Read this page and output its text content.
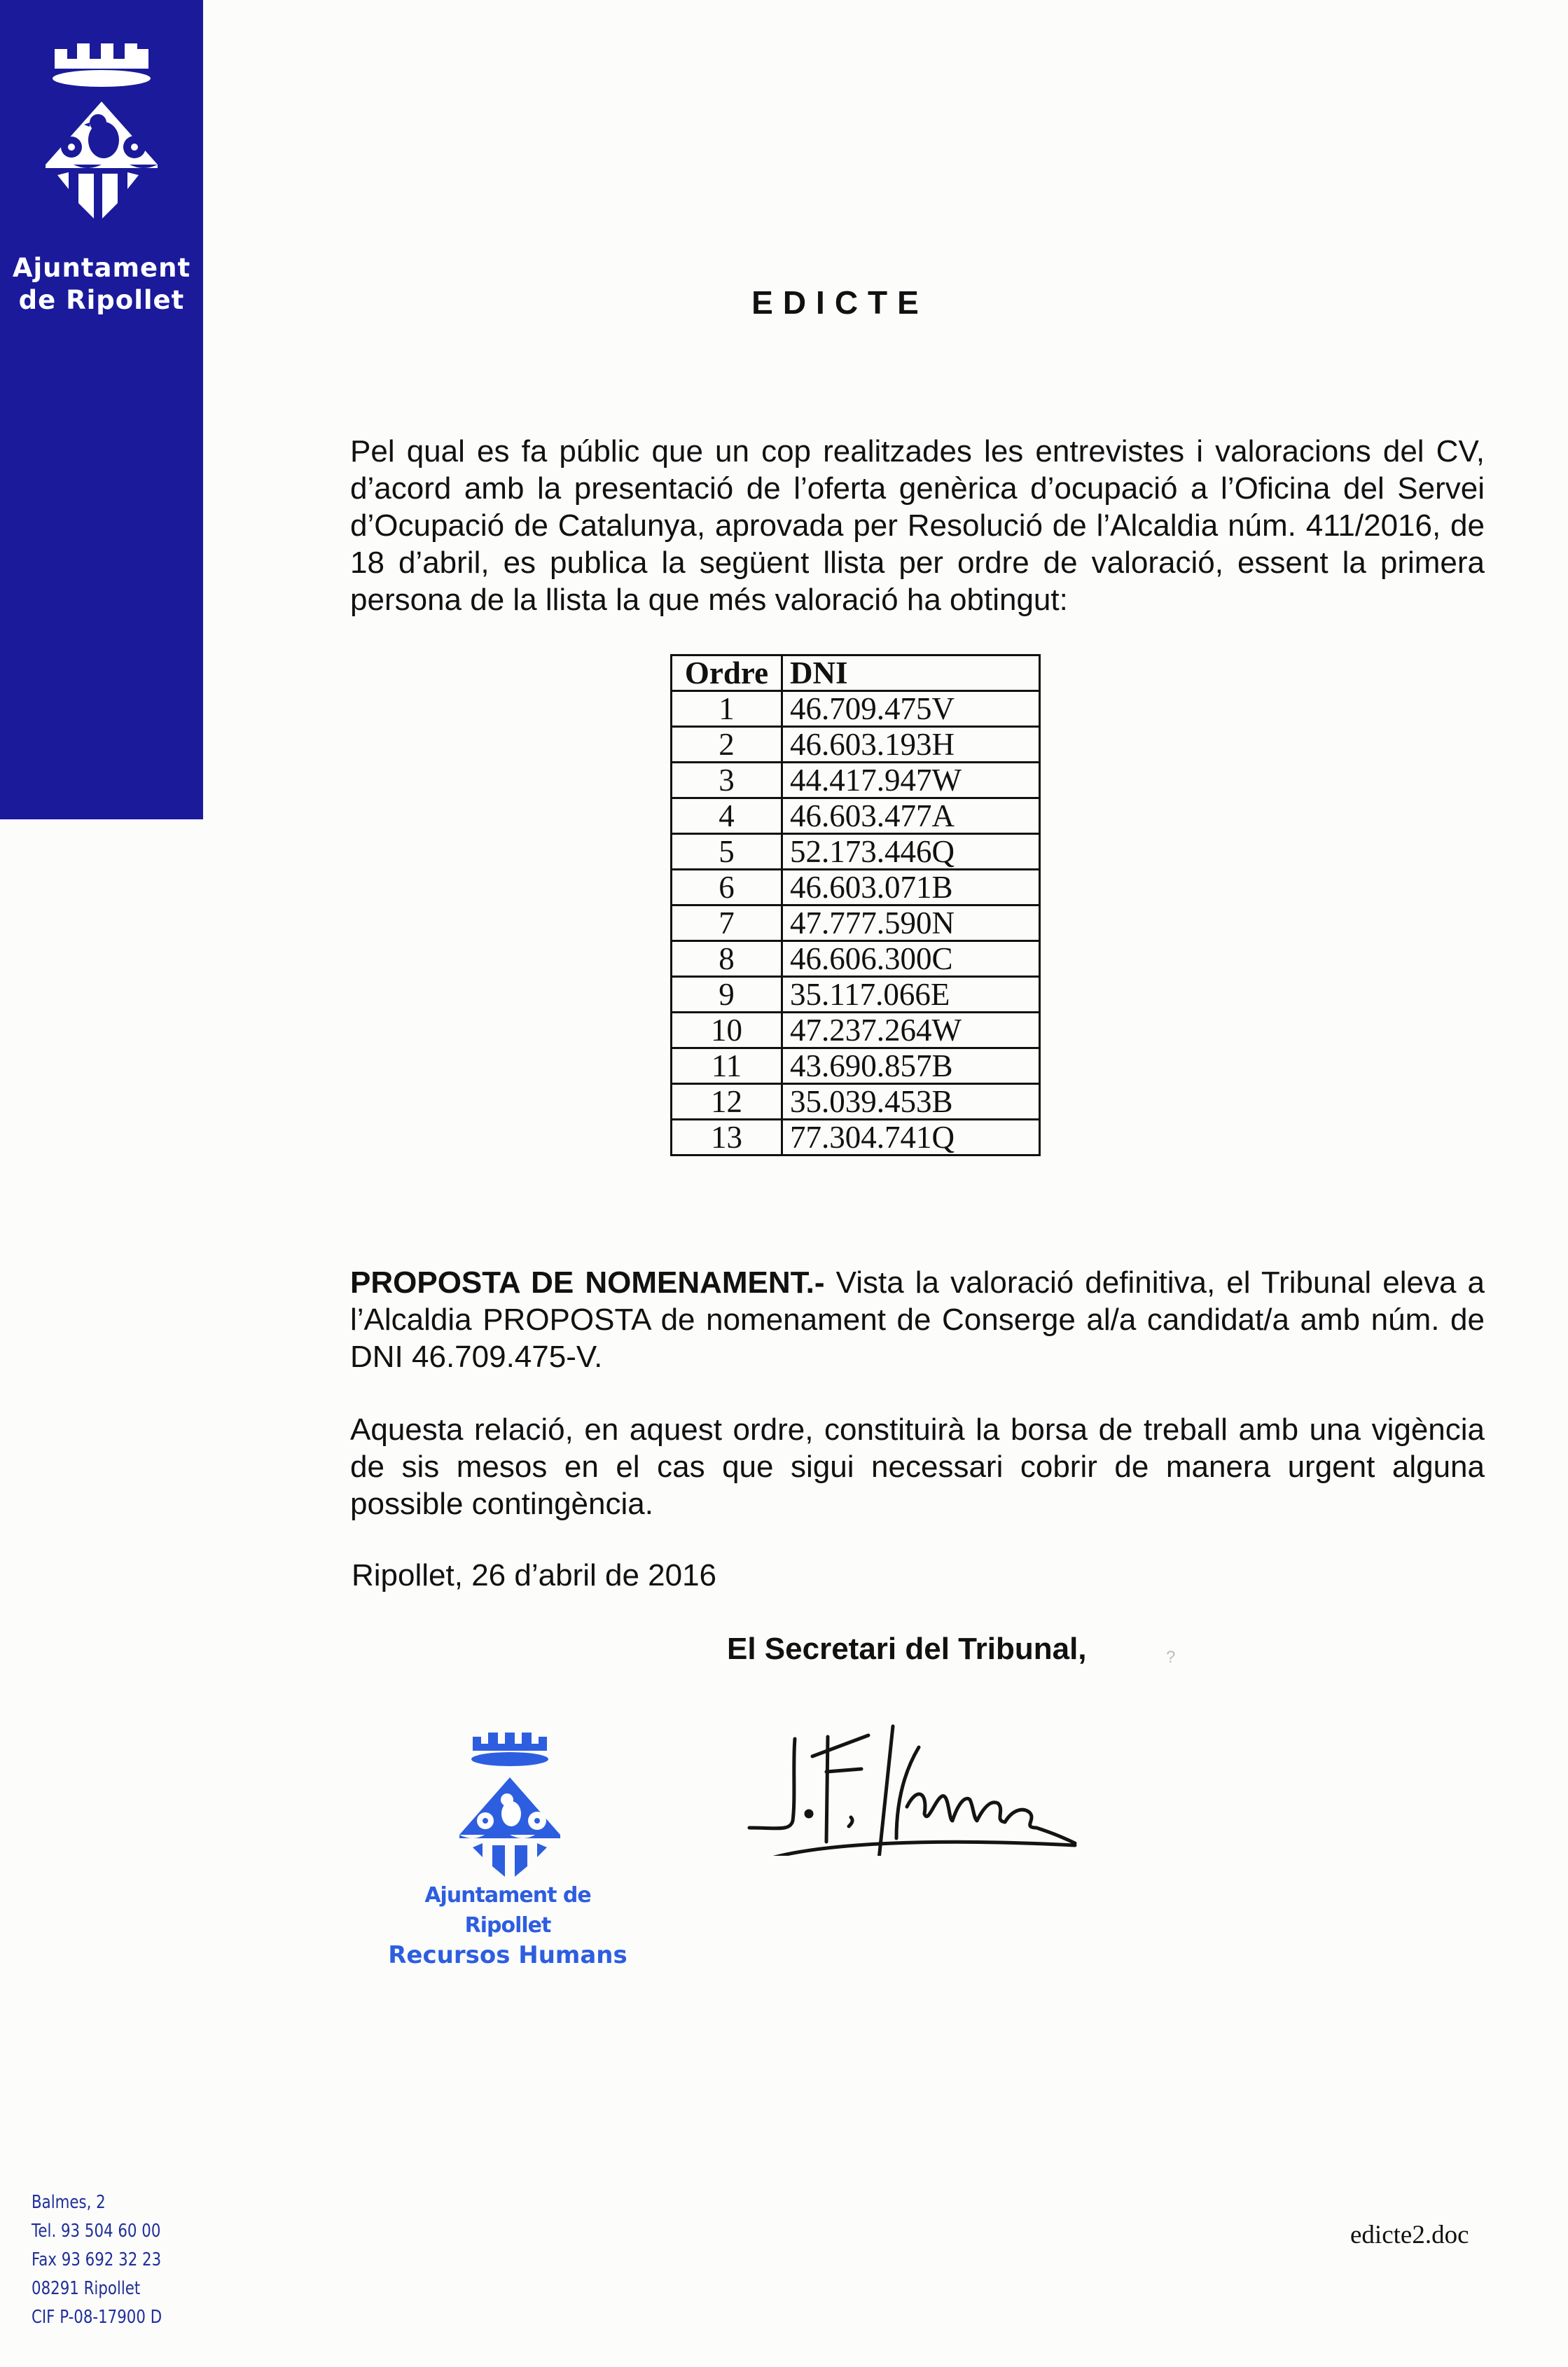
Ajuntament
de Ripollet	EDICTE
Pel qual es fa públic que un cop realitzades les entrevistes i valoracions del CV, d’acord amb la presentació de l’oferta genèrica d’ocupació a l’Oficina del Servei d’Ocupació de Catalunya, aprovada per Resolució de l’Alcaldia núm. 411/2016, de 18 d’abril, es publica la següent llista per ordre de valoració, essent la primera persona de la llista la que més valoració ha obtingut:
Ordre	DNI
1	46.709.475V
2	46.603.193H
3	44.417.947W
4	46.603.477A
5	52.173.446Q
6	46.603.071B
7	47.777.590N
8	46.606.300C
9	35.117.066E
10	47.237.264W
11	43.690.857B
12	35.039.453B
13	77.304.741Q
PROPOSTA DE NOMENAMENT.- Vista la valoració definitiva, el Tribunal eleva a l’Alcaldia PROPOSTA de nomenament de Conserge al/a candidat/a amb núm. de DNI 46.709.475-V.
Aquesta relació, en aquest ordre, constituirà la borsa de treball amb una vigència de sis mesos en el cas que sigui necessari cobrir de manera urgent alguna possible contingència.
Ripollet, 26 d’abril de 2016
El Secretari del Tribunal,	?
Ajuntament de Ripollet
Recursos Humans
Balmes, 2
Tel. 93 504 60 00
Fax 93 692 32 23
08291 Ripollet
CIF P-08-17900 D
edicte2.doc
